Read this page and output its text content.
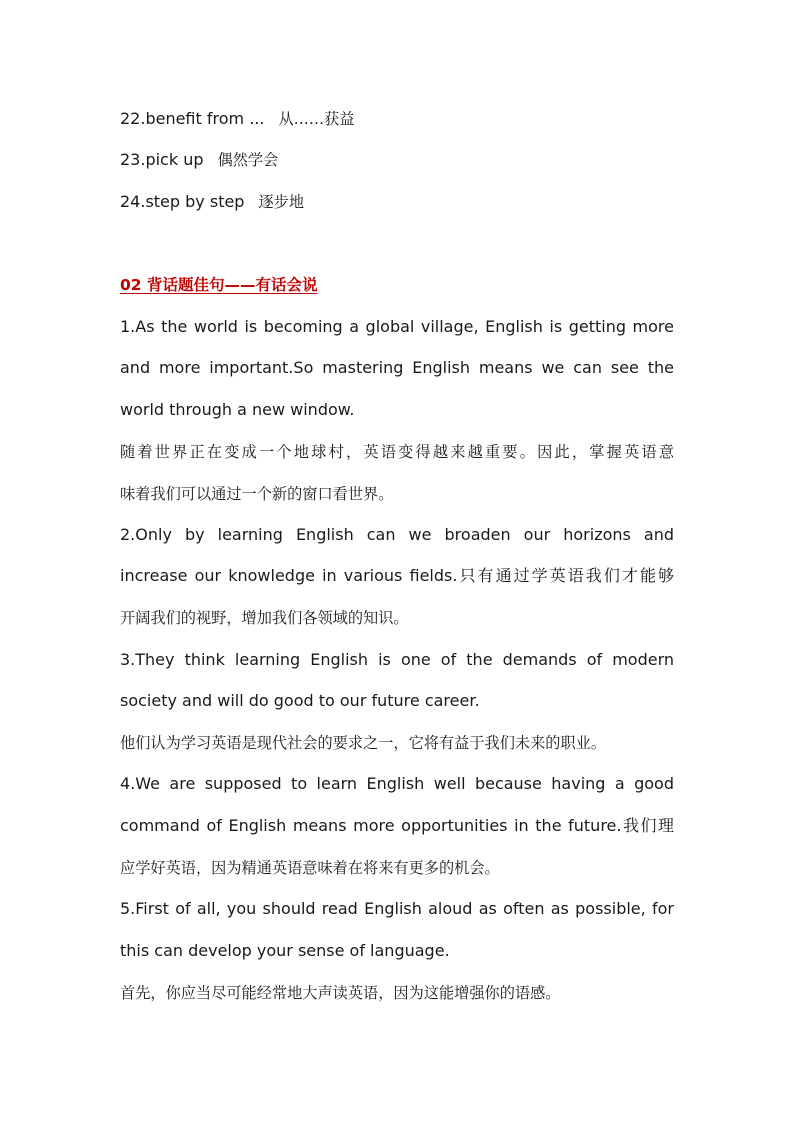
22.benefit from ... 从……获益
23.pick up 偶然学会
24.step by step 逐步地
02 背话题佳句——有话会说
1.As the world is becoming a global village, English is getting more
and more important.So mastering English means we can see the
world through a new window.
随着世界正在变成一个地球村，英语变得越来越重要。因此，掌握英语意
味着我们可以通过一个新的窗口看世界。
2.Only by learning English can we broaden our horizons and
increase our knowledge in various fields.只有通过学英语我们才能够
开阔我们的视野，增加我们各领域的知识。
3.They think learning English is one of the demands of modern
society and will do good to our future career.
他们认为学习英语是现代社会的要求之一，它将有益于我们未来的职业。
4.We are supposed to learn English well because having a good
command of English means more opportunities in the future.我们理
应学好英语，因为精通英语意味着在将来有更多的机会。
5.First of all, you should read English aloud as often as possible, for
this can develop your sense of language.
首先，你应当尽可能经常地大声读英语，因为这能增强你的语感。
